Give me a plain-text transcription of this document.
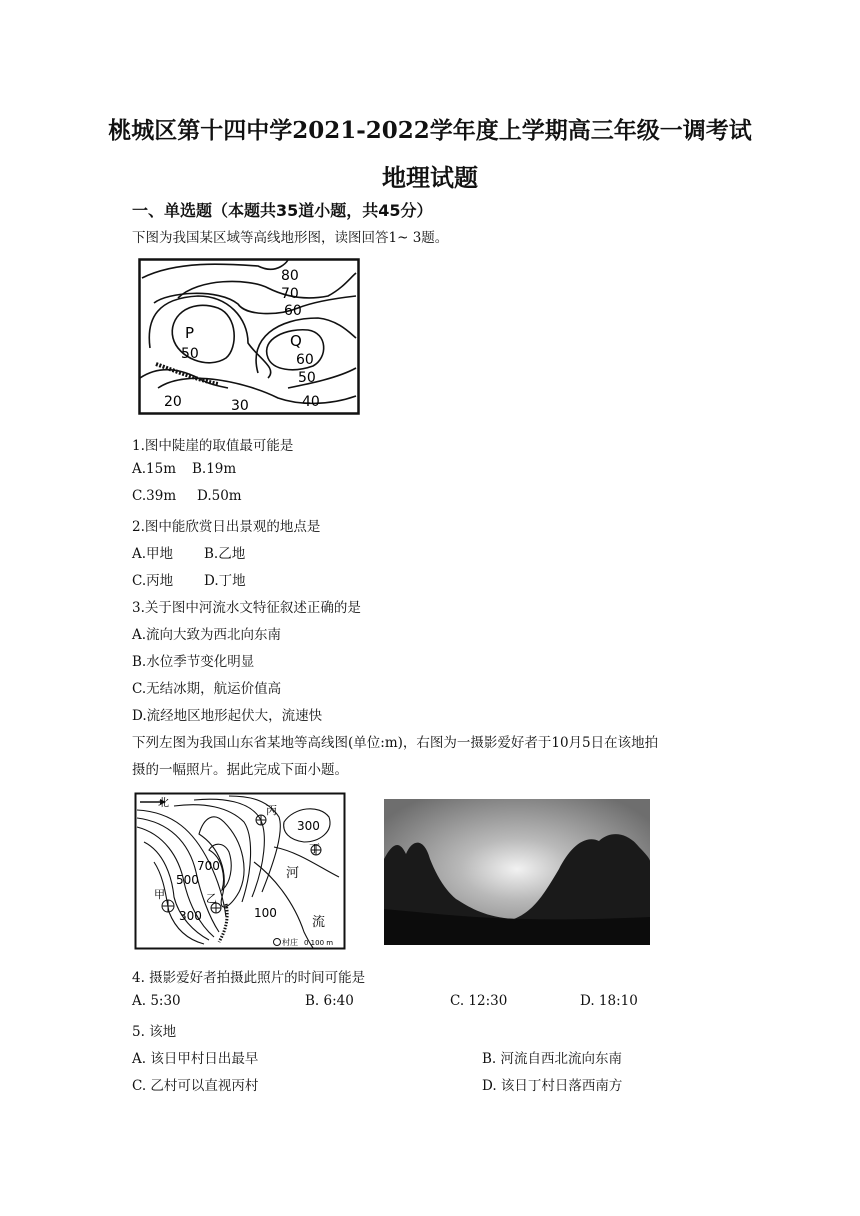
桃城区第十四中学2021-2022学年度上学期高三年级一调考试
地理试题
一、单选题（本题共35道小题，共45分）
下图为我国某区域等高线地形图，读图回答1~ 3题。
80
70
60
P
50
Q
60
50
40
20	30
1.图中陡崖的取值最可能是
A.15m B.19m
C.39m D.50m
2.图中能欣赏日出景观的地点是
A.甲地 B.乙地
C.丙地 D.丁地
3.关于图中河流水文特征叙述正确的是
A.流向大致为西北向东南
B.水位季节变化明显
C.无结冰期，航运价值高
D.流经地区地形起伏大，流速快
下列左图为我国山东省某地等高线图(单位:m)，右图为一摄影爱好者于10月5日在该地拍
摄的一幅照片。据此完成下面小题。
北
丙
300
丁
700
500
甲
300
乙
100
河
流
村庄 0 100 m
4. 摄影爱好者拍摄此照片的时间可能是
A. 5:30	B. 6:40	C. 12:30	D. 18:10
5. 该地
A. 该日甲村日出最早	B. 河流自西北流向东南
C. 乙村可以直视丙村	D. 该日丁村日落西南方
